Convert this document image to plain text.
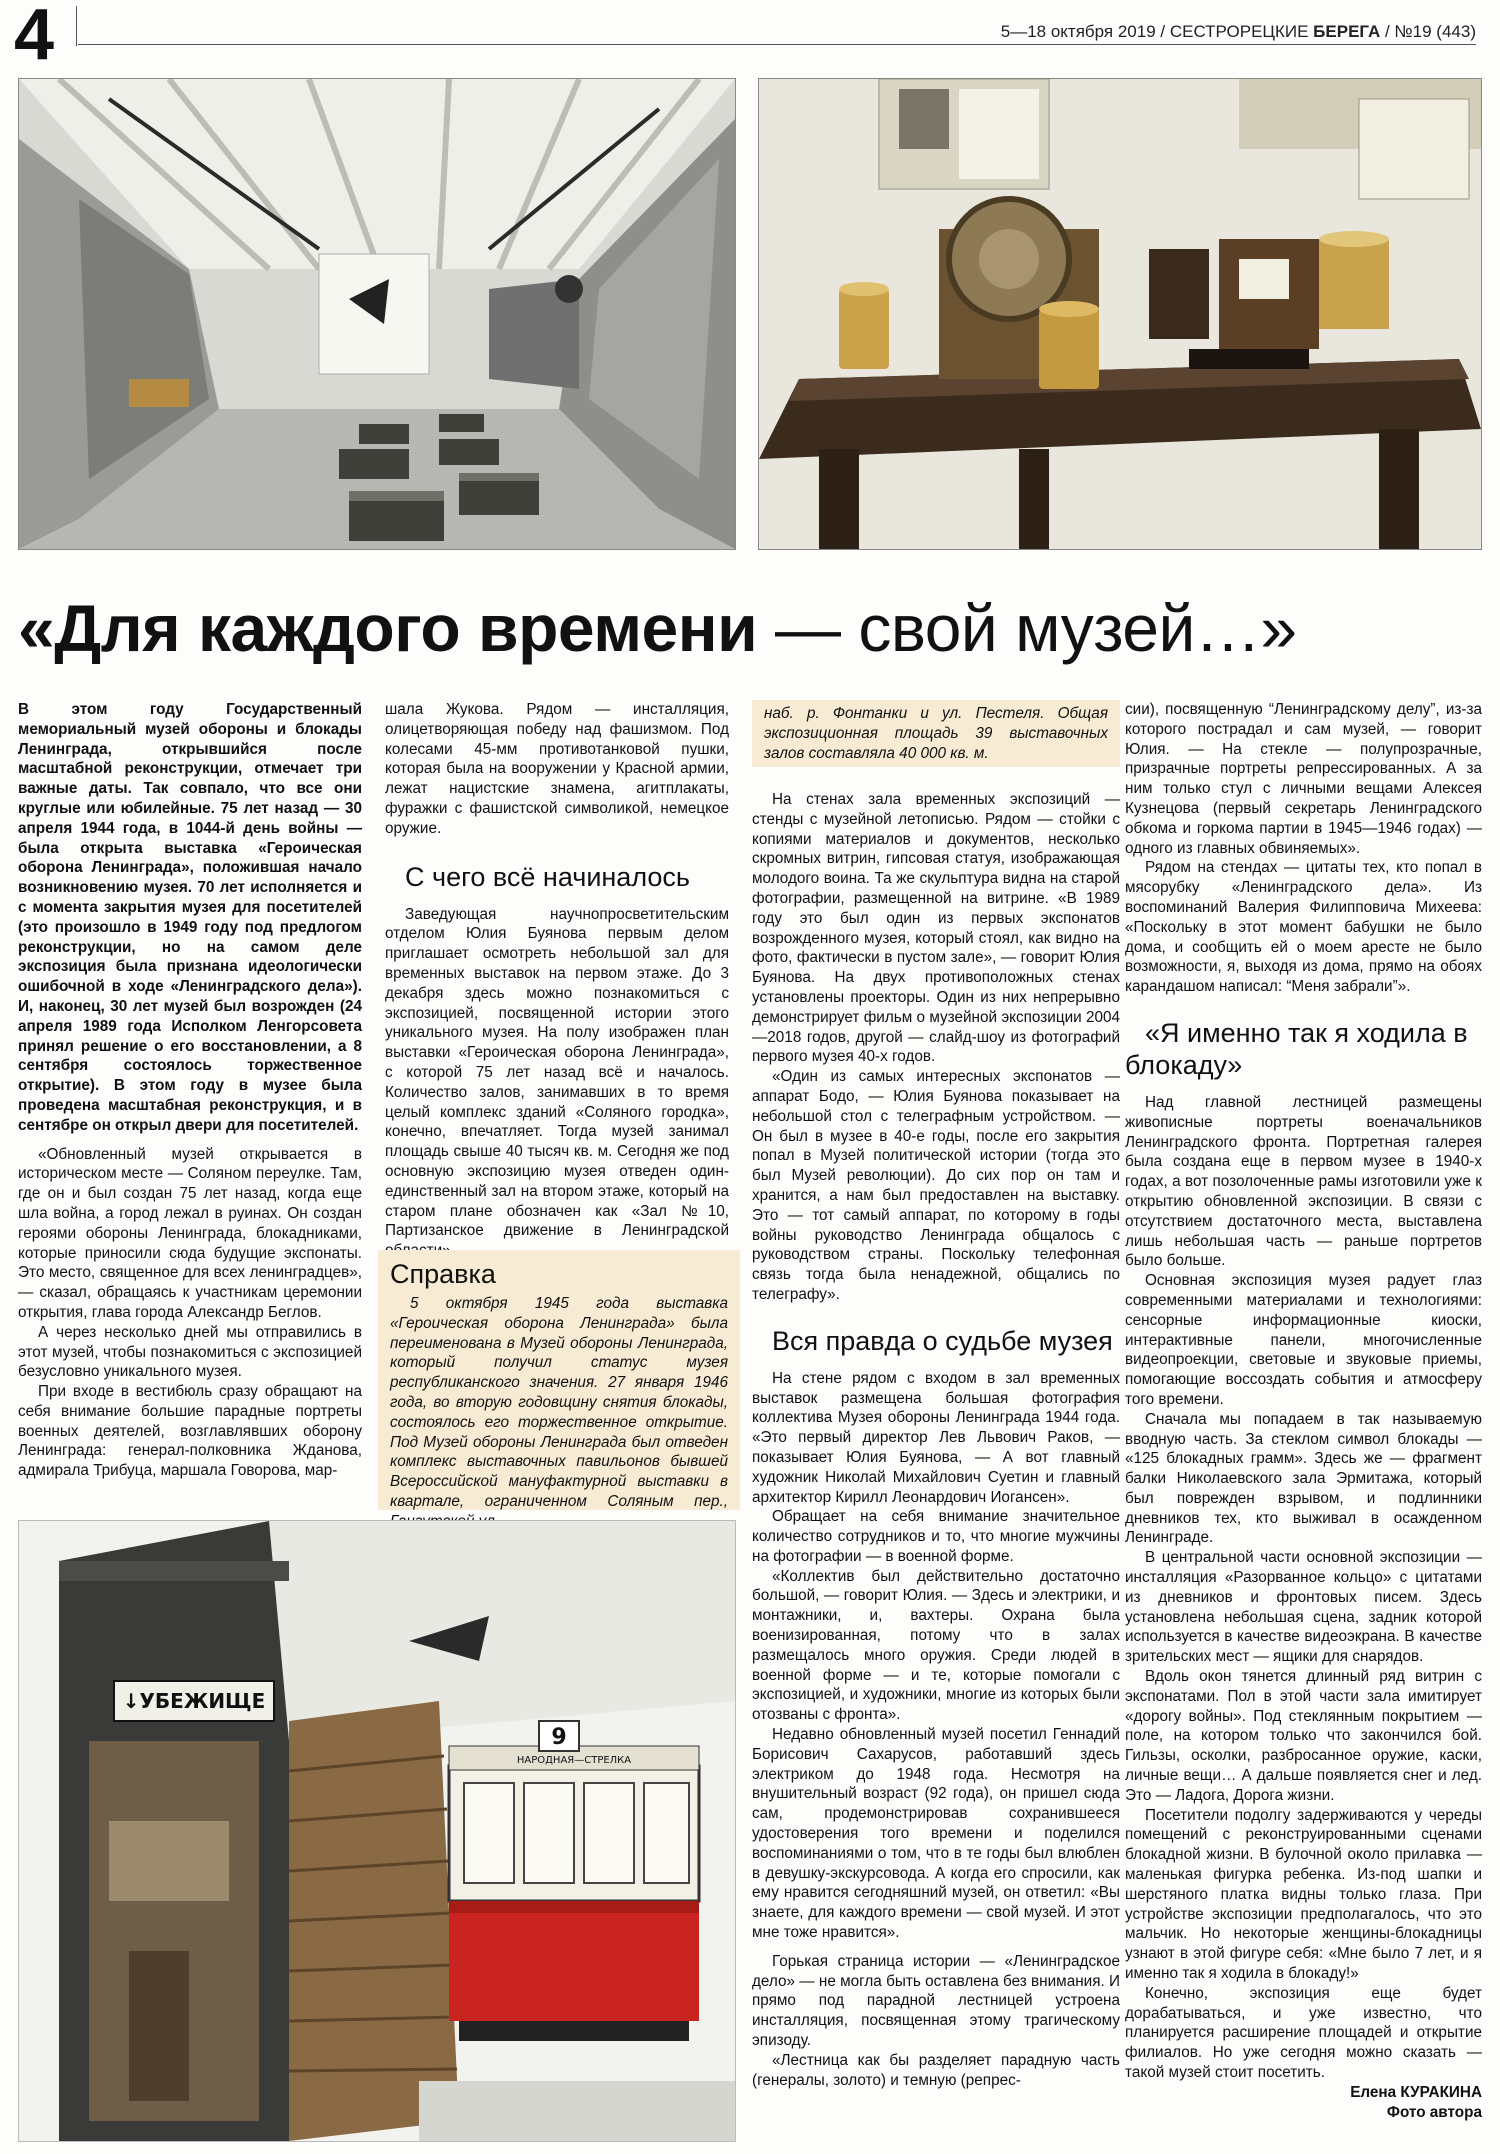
4	5—18 октября 2019 / СЕСТРОРЕЦКИЕ БЕРЕГА / №19 (443)
«Для каждого времени — свой музей…»

В этом году Государственный мемориальный музей обороны и блокады Ленинграда, открывшийся после масштабной реконструкции, отмечает три важные даты. Так совпало, что все они круглые или юбилейные. 75 лет назад — 30 апреля 1944 года, в 1044-й день войны — была открыта выставка «Героическая оборона Ленинграда», положившая начало возникновению музея. 70 лет исполняется и с момента закрытия музея для посетителей (это произошло в 1949 году под предлогом реконструкции, но на самом деле экспозиция была признана идеологически ошибочной в ходе «Ленинградского дела»). И, наконец, 30 лет музей был возрожден (24 апреля 1989 года Исполком Ленгорсовета принял решение о его восстановлении, а 8 сентября состоялось торжественное открытие). В этом году в музее была проведена масштабная реконструкция, и в сентябре он открыл двери для посетителей.

«Обновленный музей открывается в историческом месте — Соляном переулке. Там, где он и был создан 75 лет назад, когда еще шла война, а город лежал в руинах. Он создан героями обороны Ленинграда, блокадниками, которые приносили сюда будущие экспонаты. Это место, священное для всех ленинградцев», — сказал, обращаясь к участникам церемонии открытия, глава города Александр Беглов.

А через несколько дней мы отправились в этот музей, чтобы познакомиться с экспозицией безусловно уникального музея.

При входе в вестибюль сразу обращают на себя внимание большие парадные портреты военных деятелей, возглавлявших оборону Ленинграда: генерал-полковника Жданова, адмирала Трибуца, маршала Говорова, мар-

шала Жукова. Рядом — инсталляция, олицетворяющая победу над фашизмом. Под колесами 45-мм противотанковой пушки, которая была на вооружении у Красной армии, лежат нацистские знамена, агитплакаты, фуражки с фашистской символикой, немецкое оружие.

С чего всё начиналось

Заведующая научнопросветительским отделом Юлия Буянова первым делом приглашает осмотреть небольшой зал для временных выставок на первом этаже. До 3 декабря здесь можно познакомиться с экспозицией, посвященной истории этого уникального музея. На полу изображен план выставки «Героическая оборона Ленинграда», с которой 75 лет назад всё и началось. Количество залов, занимавших в то время целый комплекс зданий «Соляного городка», конечно, впечатляет. Тогда музей занимал площадь свыше 40 тысяч кв. м. Сегодня же под основную экспозицию музея отведен один-единственный зал на втором этаже, который на старом плане обозначен как «Зал №10, Партизанское движение в Ленинградской

Справка

5 октября 1945 года выставка «Героическая оборона Ленинграда» была переименована в Музей обороны Ленинграда, который получил статус музея республиканского значения. 27 января 1946 года, во вторую годовщину снятия блокады, состоялось его торжественное открытие. Под Музей обороны Ленинграда был отведен комплекс выставочных павильонов бывшей Всероссийской мануфактурной выставки в квартале, ограниченном Соляным пер.,

наб. р. Фонтанки и ул. Пестеля. Общая экспозиционная площадь 39 выставочных залов составляла 40 000 кв. м.

На стенах зала временных экспозиций — стенды с музейной летописью. Рядом — стойки с копиями материалов и документов, несколько скромных витрин, гипсовая статуя, изображающая молодого воина. Та же скульптура видна на старой фотографии, размещенной на витрине. «В 1989 году это был один из первых экспонатов возрожденного музея, который стоял, как видно на фото, фактически в пустом зале», — говорит Юлия Буянова. На двух противоположных стенах установлены проекторы. Один из них непрерывно демонстрирует фильм о музейной экспозиции 2004—2018 годов, другой — слайд-шоу из фотографий первого музея 40-х годов.

«Один из самых интересных экспонатов — аппарат Бодо, — Юлия Буянова показывает на небольшой стол с телеграфным устройством. — Он был в музее в 40-е годы, после его закрытия попал в Музей политической истории (тогда это был Музей революции). До сих пор он там и хранится, а нам был предоставлен на выставку. Это — тот самый аппарат, по которому в годы войны руководство Ленинграда общалось с руководством страны. Поскольку телефонная связь тогда была ненадежной, общались по телеграфу».

Вся правда о судьбе музея

На стене рядом с входом в зал временных выставок размещена большая фотография коллектива Музея обороны Ленинграда 1944 года. «Это первый директор Лев Львович Раков, — показывает Юлия Буянова, — А вот главный художник Николай Михайлович Суетин и главный архитектор Кирилл Леонардович Иогансен».

Обращает на себя внимание значительное количество сотрудников и то, что многие мужчины на фотографии — в военной форме.

«Коллектив был действительно достаточно большой, — говорит Юлия. — Здесь и электрики, и монтажники, и, вахтеры. Охрана была военизированная, потому что в залах размещалось много оружия. Среди людей в военной форме — и те, которые помогали с экспозицией, и художники, многие из которых были отозваны с фронта».

Недавно обновленный музей посетил Геннадий Борисович Сахарусов, работавший здесь электриком до 1948 года. Несмотря на внушительный возраст (92 года), он пришел сюда сам, продемонстрировав сохранившееся удостоверения того времени и поделился воспоминаниями о том, что в те годы был влюблен в девушку-экскурсовода. А когда его спросили, как ему нравится сегодняшний музей, он ответил: «Вы знаете, для каждого времени — свой музей. И этот мне тоже нравится».

Горькая страница истории — «Ленинградское дело» — не могла быть оставлена без внимания. И прямо под парадной лестницей устроена инсталляция, посвященная этому трагическому эпизоду.

«Лестница как бы разделяет парадную часть (генералы, золото) и темную (репрес-

сии), посвященную “Ленинградскому делу”, из-за которого пострадал и сам музей, — говорит Юлия. — На стекле — полупрозрачные, призрачные портреты репрессированных. А за ним только стул с личными вещами Алексея Кузнецова (первый секретарь Ленинградского обкома и горкома партии в 1945—1946 годах) — одного из главных обвиняемых».

Рядом на стендах — цитаты тех, кто попал в мясорубку «Ленинградского дела». Из воспоминаний Валерия Филипповича Михеева: «Поскольку в этот момент бабушки не было дома, и сообщить ей о моем аресте не было возможности, я, выходя из дома, прямо на обоях карандашом написал: “Меня забрали”».

«Я именно так я ходила в блокаду»

Над главной лестницей размещены живописные портреты военачальников Ленинградского фронта. Портретная галерея была создана еще в первом музее в 1940-х годах, а вот позолоченные рамы изготовили уже к открытию обновленной экспозиции. В связи с отсутствием достаточного места, выставлена лишь небольшая часть — раньше портретов было больше.

Основная экспозиция музея радует глаз современными материалами и технологиями: сенсорные информационные киоски, интерактивные панели, многочисленные видеопроекции, световые и звуковые приемы, помогающие воссоздать события и атмосферу того времени.

Сначала мы попадаем в так называемую вводную часть. За стеклом символ блокады — «125 блокадных грамм». Здесь же — фрагмент балки Николаевского зала Эрмитажа, который был поврежден взрывом, и подлинники дневников тех, кто выживал в осажденном Ленинграде.

В центральной части основной экспозиции — инсталляция «Разорванное кольцо» с цитатами из дневников и фронтовых писем. Здесь установлена небольшая сцена, задник которой используется в качестве видеоэкрана. В качестве зрительских мест — ящики для снарядов.

Вдоль окон тянется длинный ряд витрин с экспонатами. Пол в этой части зала имитирует «дорогу войны». Под стеклянным покрытием — поле, на котором только что закончился бой. Гильзы, осколки, разбросанное оружие, каски, личные вещи… А дальше появляется снег и лед. Это — Ладога, Дорога жизни.

Посетители подолгу задерживаются у череды помещений с реконструированными сценами блокадной жизни. В булочной около прилавка — маленькая фигурка ребенка. Из-под шапки и шерстяного платка видны только глаза. При устройстве экспозиции предполагалось, что это мальчик. Но некоторые женщины-блокадницы узнают в этой фигуре себя: «Мне было 7 лет, и я именно так я ходила в блокаду!»

Конечно, экспозиция еще будет дорабатываться, и уже известно, что планируется расширение площадей и открытие филиалов. Но уже сегодня можно сказать — такой музей стоит посетить.

Елена КУРАКИНА

Фото автора

↓УБЕЖИЩЕ
9
НАРОДНАЯ—СТРЕЛКА
